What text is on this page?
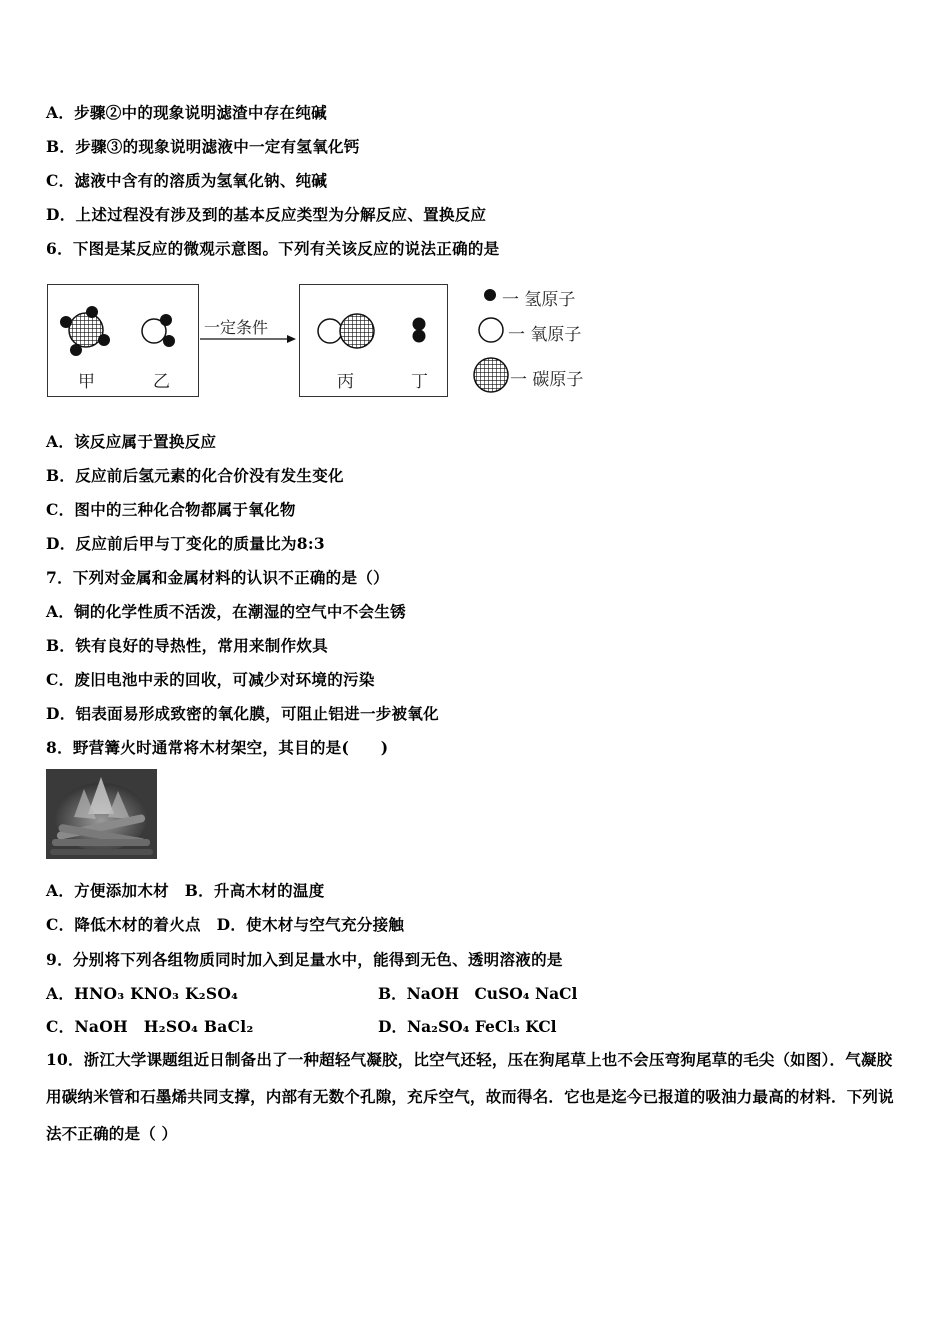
A．步骤②中的现象说明滤渣中存在纯碱
B．步骤③的现象说明滤液中一定有氢氧化钙
C．滤液中含有的溶质为氢氧化钠、纯碱
D．上述过程没有涉及到的基本反应类型为分解反应、置换反应
6．下图是某反应的微观示意图。下列有关该反应的说法正确的是
甲	乙
一定条件
丙	丁
一 氢原子
一 氧原子
一 碳原子
A．该反应属于置换反应
B．反应前后氢元素的化合价没有发生变化
C．图中的三种化合物都属于氧化物
D．反应前后甲与丁变化的质量比为8:3
7．下列对金属和金属材料的认识不正确的是（）
A．铜的化学性质不活泼，在潮湿的空气中不会生锈
B．铁有良好的导热性，常用来制作炊具
C．废旧电池中汞的回收，可减少对环境的污染
D．铝表面易形成致密的氧化膜，可阻止铝进一步被氧化
8．野营篝火时通常将木材架空，其目的是(　　)
A．方便添加木材　B．升高木材的温度
C．降低木材的着火点　D．使木材与空气充分接触
9．分别将下列各组物质同时加入到足量水中，能得到无色、透明溶液的是
A．HNO₃ KNO₃ K₂SO₄	B．NaOH　CuSO₄ NaCl
C．NaOH　H₂SO₄ BaCl₂	D．Na₂SO₄ FeCl₃ KCl
10．浙江大学课题组近日制备出了一种超轻气凝胶，比空气还轻，压在狗尾草上也不会压弯狗尾草的毛尖（如图）．气凝胶用碳纳米管和石墨烯共同支撑，内部有无数个孔隙，充斥空气，故而得名．它也是迄今已报道的吸油力最高的材料．下列说法不正确的是（ ）
